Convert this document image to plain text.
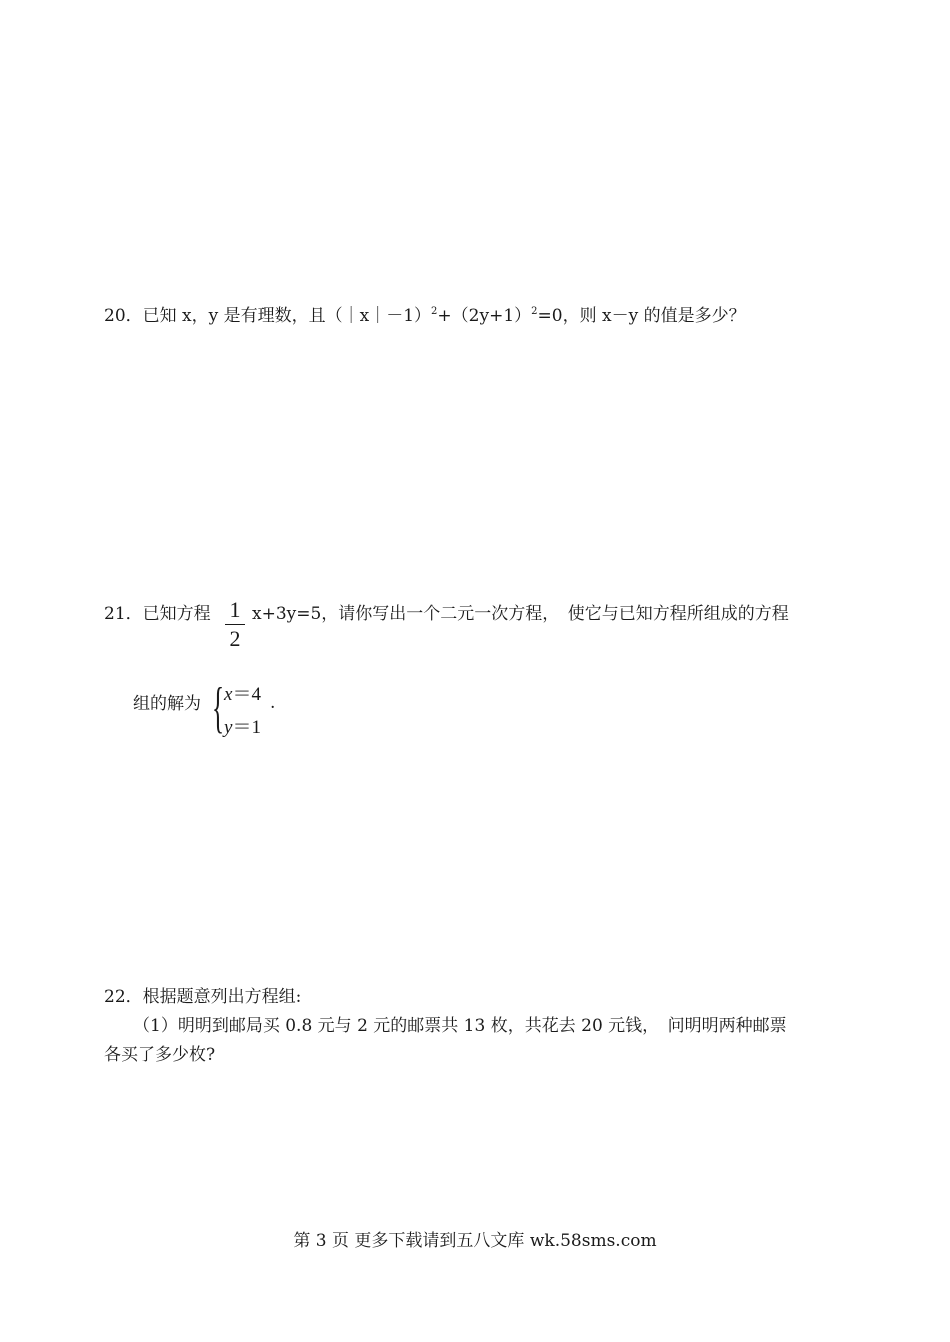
20．已知 x，y 是有理数，且$(|x|-1)^2+(2y+1)^2=0$，则 x－y 的值是多少？
21．已知方程 1
2
x+3y=5，请你写出一个二元一次方程，　使它与已知方程所组成的方程
组的解为 { x＝4
y＝1
.
22．根据题意列出方程组:
（1）明明到邮局买 0.8 元与 2 元的邮票共 13 枚，共花去 20 元钱，　问明明两种邮票
各买了多少枚?
第 3 页 更多下载请到五八文库 wk.58sms.com
